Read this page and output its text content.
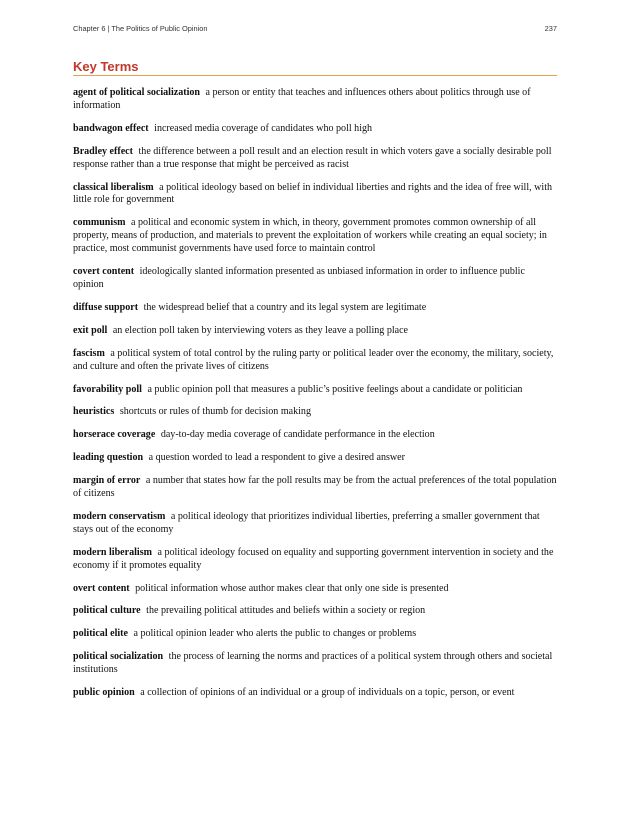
Chapter 6 | The Politics of Public Opinion	237
Key Terms
agent of political socialization a person or entity that teaches and influences others about politics through use of information
bandwagon effect increased media coverage of candidates who poll high
Bradley effect the difference between a poll result and an election result in which voters gave a socially desirable poll response rather than a true response that might be perceived as racist
classical liberalism a political ideology based on belief in individual liberties and rights and the idea of free will, with little role for government
communism a political and economic system in which, in theory, government promotes common ownership of all property, means of production, and materials to prevent the exploitation of workers while creating an equal society; in practice, most communist governments have used force to maintain control
covert content ideologically slanted information presented as unbiased information in order to influence public opinion
diffuse support the widespread belief that a country and its legal system are legitimate
exit poll an election poll taken by interviewing voters as they leave a polling place
fascism a political system of total control by the ruling party or political leader over the economy, the military, society, and culture and often the private lives of citizens
favorability poll a public opinion poll that measures a public’s positive feelings about a candidate or politician
heuristics shortcuts or rules of thumb for decision making
horserace coverage day-to-day media coverage of candidate performance in the election
leading question a question worded to lead a respondent to give a desired answer
margin of error a number that states how far the poll results may be from the actual preferences of the total population of citizens
modern conservatism a political ideology that prioritizes individual liberties, preferring a smaller government that stays out of the economy
modern liberalism a political ideology focused on equality and supporting government intervention in society and the economy if it promotes equality
overt content political information whose author makes clear that only one side is presented
political culture the prevailing political attitudes and beliefs within a society or region
political elite a political opinion leader who alerts the public to changes or problems
political socialization the process of learning the norms and practices of a political system through others and societal institutions
public opinion a collection of opinions of an individual or a group of individuals on a topic, person, or event
